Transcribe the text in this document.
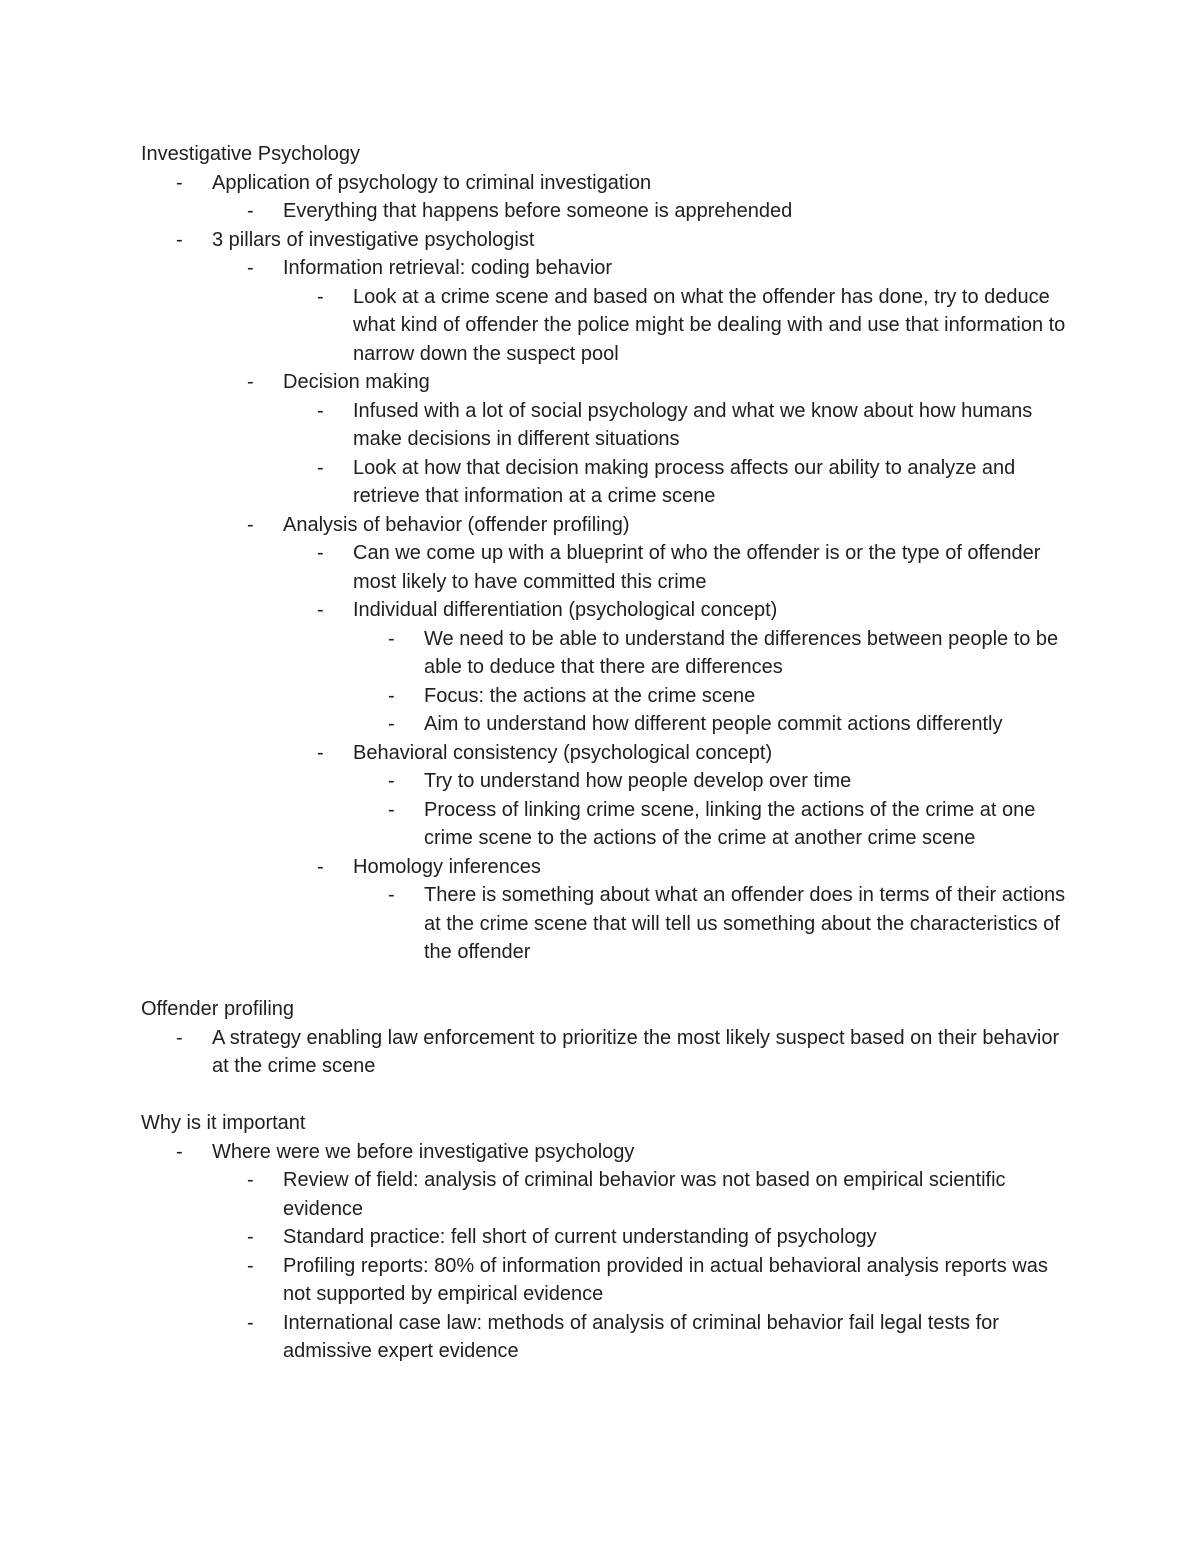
Investigative Psychology

-	Application of psychology to criminal investigation
-	Everything that happens before someone is apprehended
-	3 pillars of investigative psychologist
-	Information retrieval: coding behavior
-	Look at a crime scene and based on what the offender has done, try to deduce what kind of offender the police might be dealing with and use that information to narrow down the suspect pool
-	Decision making
-	Infused with a lot of social psychology and what we know about how humans make decisions in different situations
-	Look at how that decision making process affects our ability to analyze and retrieve that information at a crime scene
-	Analysis of behavior (offender profiling)
-	Can we come up with a blueprint of who the offender is or the type of offender most likely to have committed this crime
-	Individual differentiation (psychological concept)
-	We need to be able to understand the differences between people to be able to deduce that there are differences
-	Focus: the actions at the crime scene
-	Aim to understand how different people commit actions differently
-	Behavioral consistency (psychological concept)
-	Try to understand how people develop over time
-	Process of linking crime scene, linking the actions of the crime at one crime scene to the actions of the crime at another crime scene
-	Homology inferences
-	There is something about what an offender does in terms of their actions at the crime scene that will tell us something about the characteristics of the offender

Offender profiling

-	A strategy enabling law enforcement to prioritize the most likely suspect based on their behavior at the crime scene

Why is it important

-	Where were we before investigative psychology
-	Review of field: analysis of criminal behavior was not based on empirical scientific evidence
-	Standard practice: fell short of current understanding of psychology
-	Profiling reports: 80% of information provided in actual behavioral analysis reports was not supported by empirical evidence
-	International case law: methods of analysis of criminal behavior fail legal tests for admissive expert evidence
